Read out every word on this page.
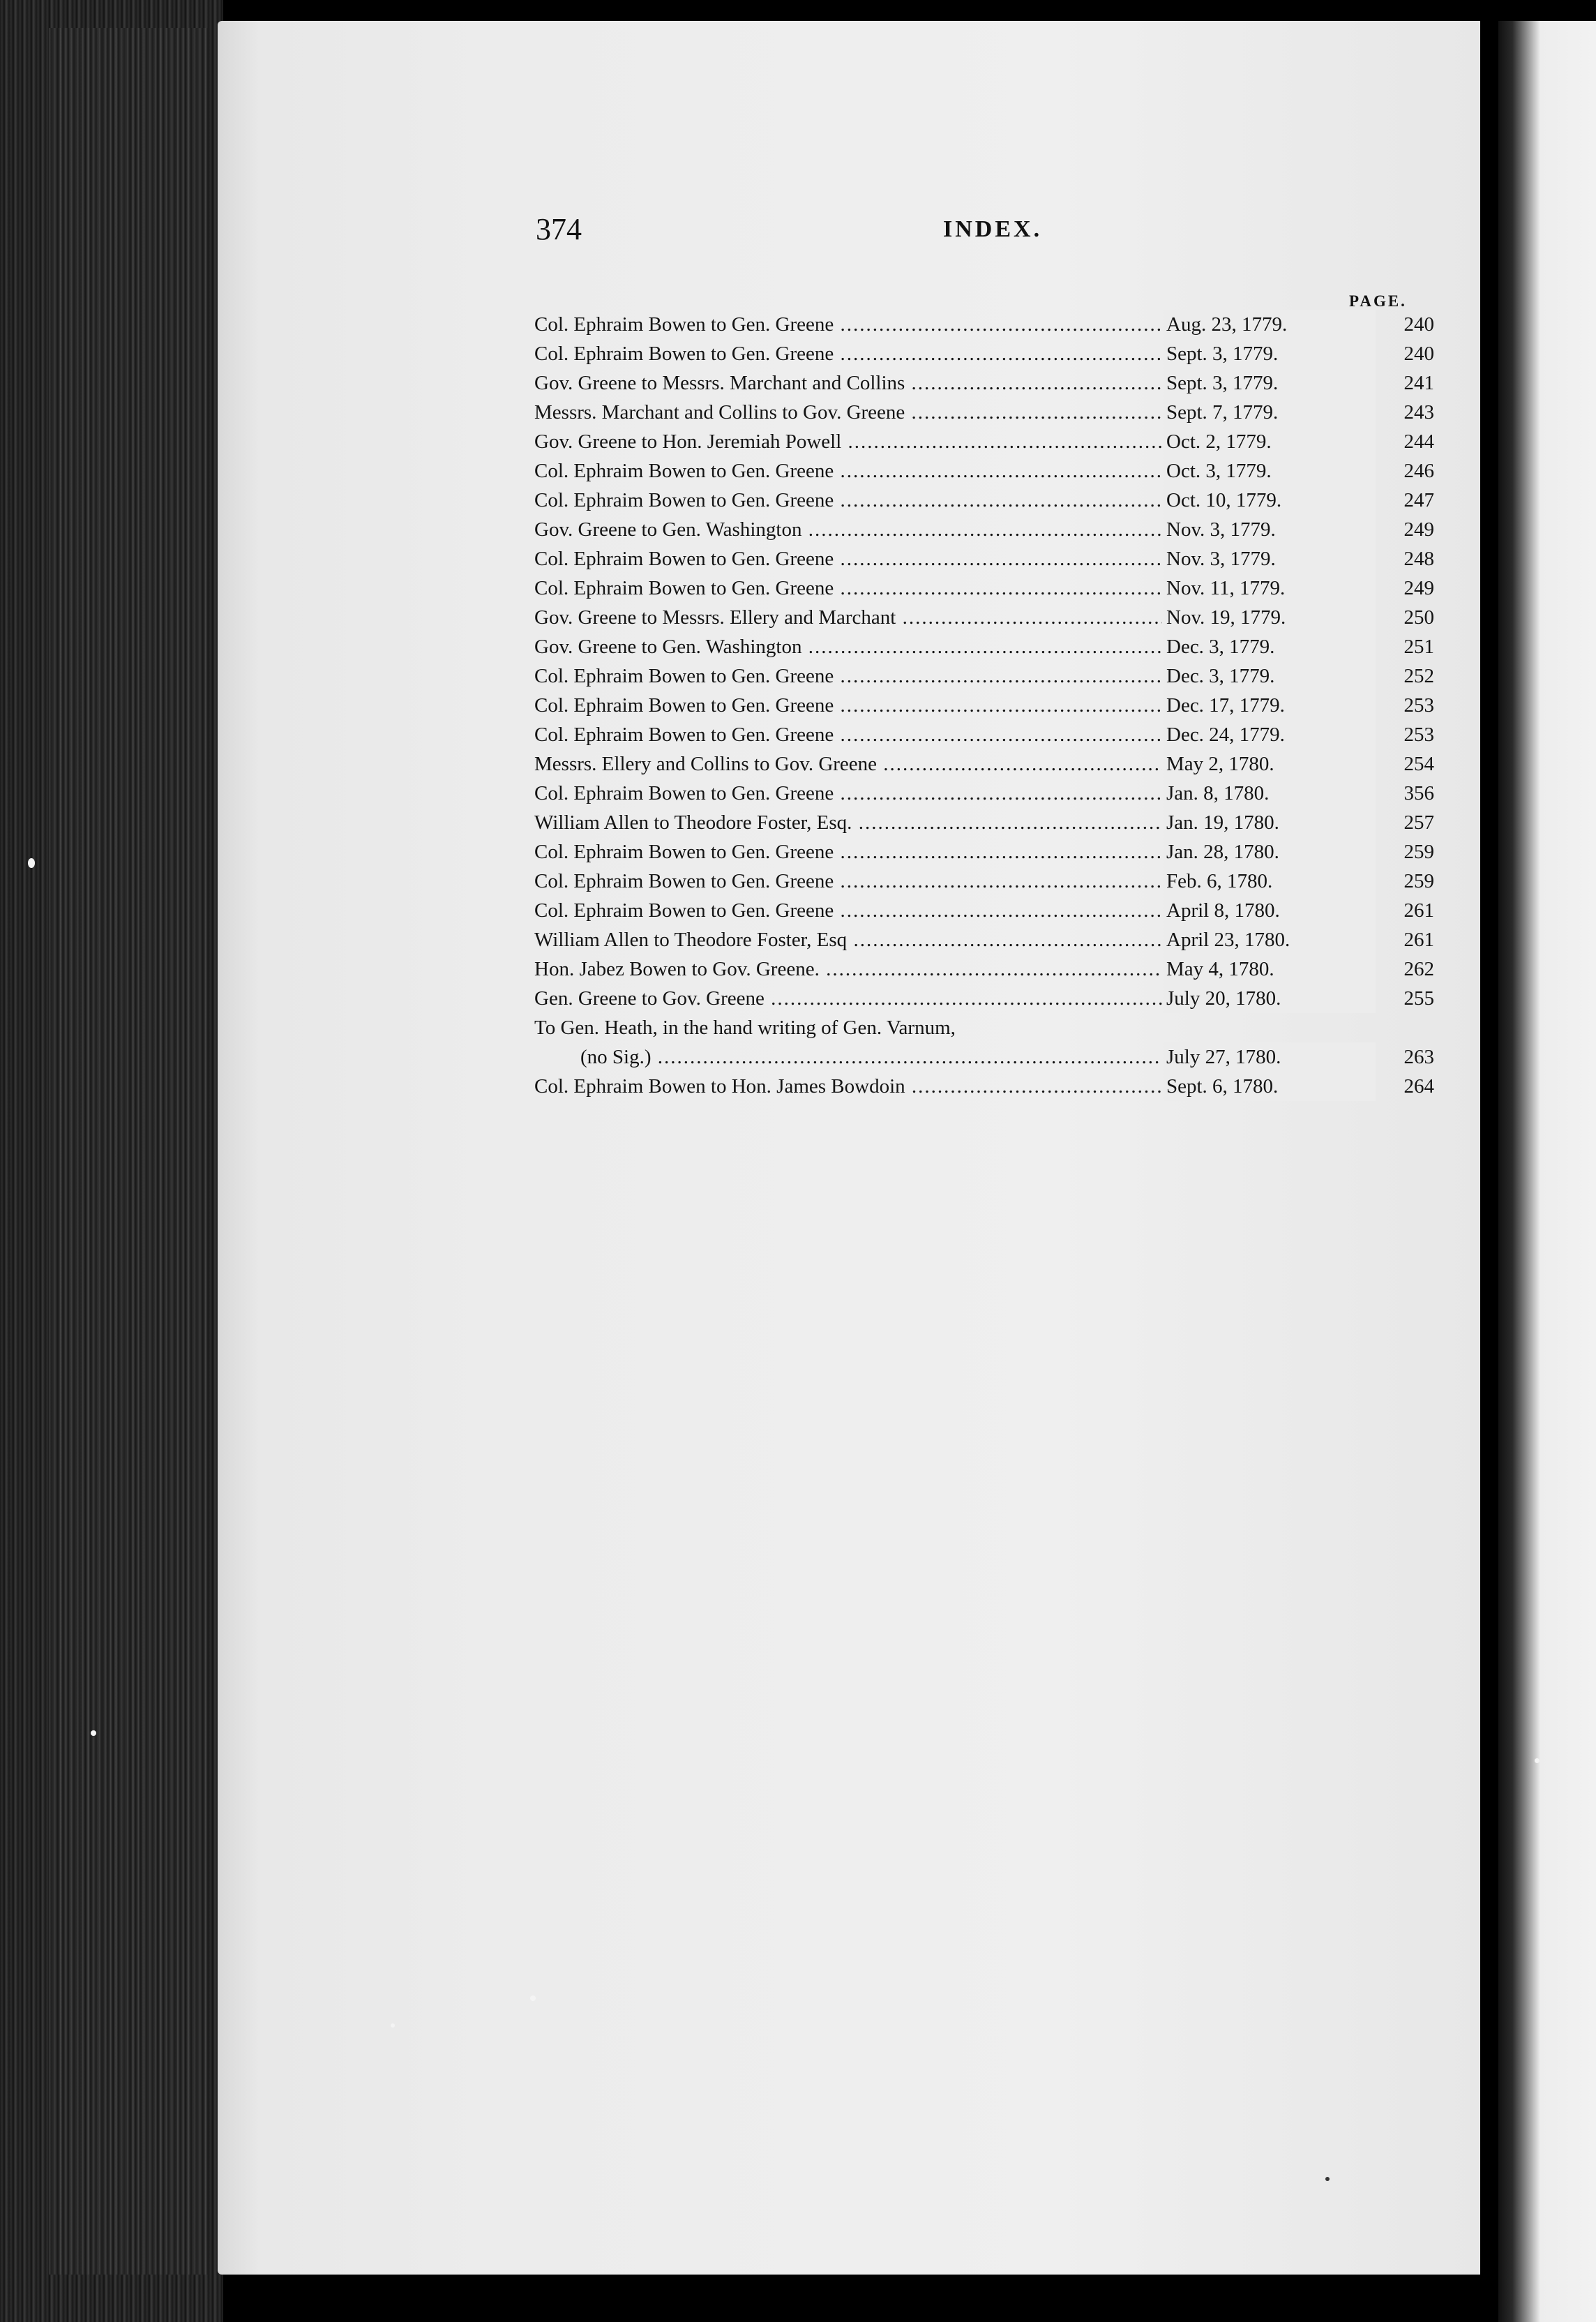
374	INDEX.
PAGE.
Col. Ephraim Bowen to Gen. Greene .....	Aug. 23, 1779.	240
Col. Ephraim Bowen to Gen. Greene .....	Sept. 3, 1779.	240
Gov. Greene to Messrs. Marchant and Collins .....	Sept. 3, 1779.	241
Messrs. Marchant and Collins to Gov. Greene .....	Sept. 7, 1779.	243
Gov. Greene to Hon. Jeremiah Powell .....	Oct. 2, 1779.	244
Col. Ephraim Bowen to Gen. Greene .....	Oct. 3, 1779.	246
Col. Ephraim Bowen to Gen. Greene .....	Oct. 10, 1779.	247
Gov. Greene to Gen. Washington .....	Nov. 3, 1779.	249
Col. Ephraim Bowen to Gen. Greene .....	Nov. 3, 1779.	248
Col. Ephraim Bowen to Gen. Greene .....	Nov. 11, 1779.	249
Gov. Greene to Messrs. Ellery and Marchant .....	Nov. 19, 1779.	250
Gov. Greene to Gen. Washington .....	Dec. 3, 1779.	251
Col. Ephraim Bowen to Gen. Greene .....	Dec. 3, 1779.	252
Col. Ephraim Bowen to Gen. Greene .....	Dec. 17, 1779.	253
Col. Ephraim Bowen to Gen. Greene .....	Dec. 24, 1779.	253
Messrs. Ellery and Collins to Gov. Greene .....	May 2, 1780.	254
Col. Ephraim Bowen to Gen. Greene .....	Jan. 8, 1780.	356
William Allen to Theodore Foster, Esq. .....	Jan. 19, 1780.	257
Col. Ephraim Bowen to Gen. Greene .....	Jan. 28, 1780.	259
Col. Ephraim Bowen to Gen. Greene .....	Feb. 6, 1780.	259
Col. Ephraim Bowen to Gen. Greene .....	April 8, 1780.	261
William Allen to Theodore Foster, Esq .....	April 23, 1780.	261
Hon. Jabez Bowen to Gov. Greene. .....	May 4, 1780.	262
Gen. Greene to Gov. Greene .....	July 20, 1780.	255
To Gen. Heath, in the hand writing of Gen. Varnum,
(no Sig.) .....	July 27, 1780.	263
Col. Ephraim Bowen to Hon. James Bowdoin .....	Sept. 6, 1780.	264
